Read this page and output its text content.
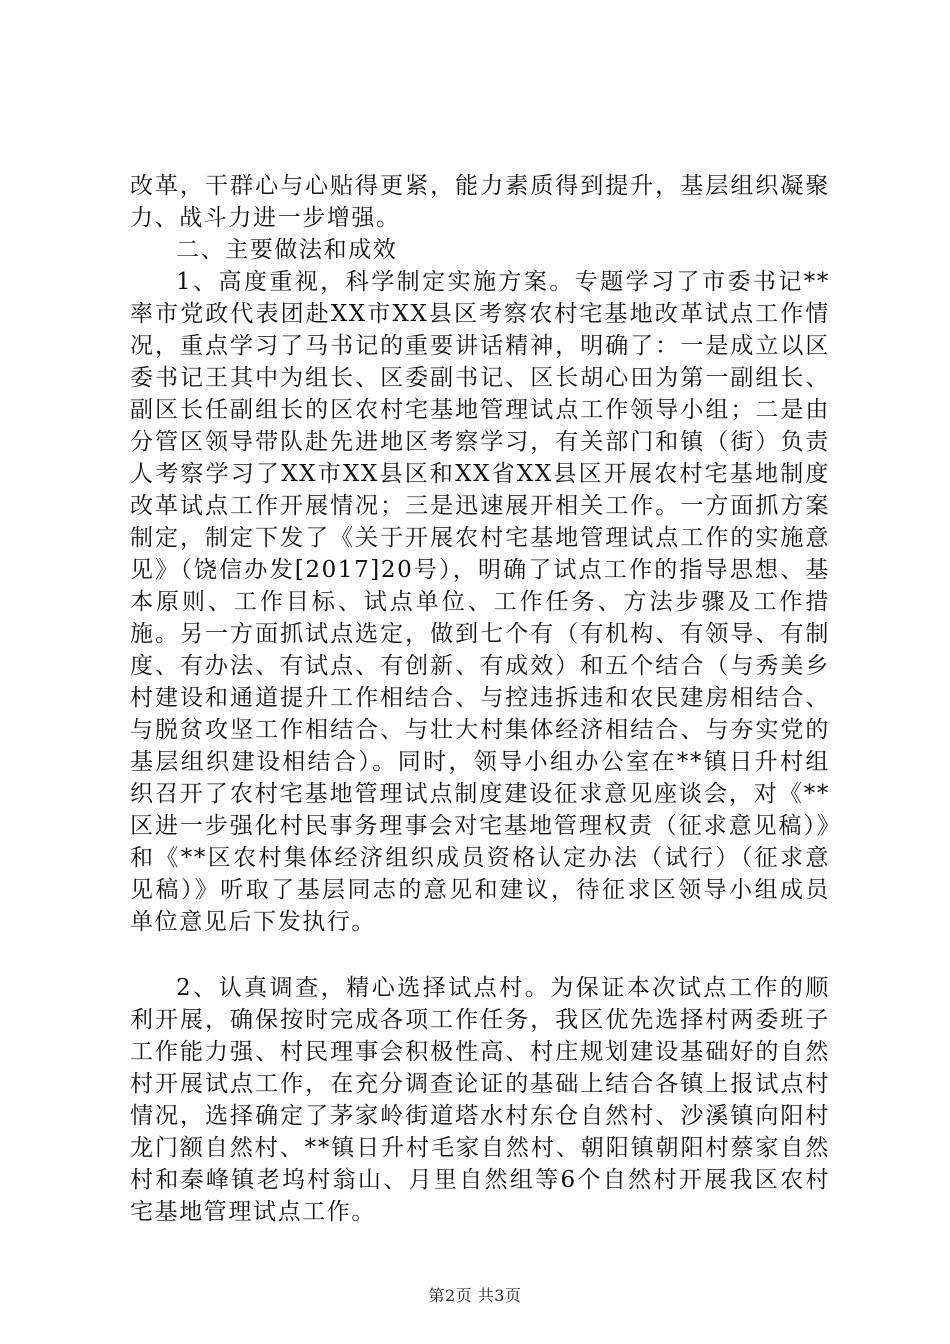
改革，干群心与心贴得更紧，能力素质得到提升，基层组织凝聚力、战斗力进一步增强。

二、主要做法和成效

1、高度重视，科学制定实施方案。专题学习了市委书记**率市党政代表团赴XX市XX县区考察农村宅基地改革试点工作情况，重点学习了马书记的重要讲话精神，明确了：一是成立以区委书记王其中为组长、区委副书记、区长胡心田为第一副组长、副区长任副组长的区农村宅基地管理试点工作领导小组；二是由分管区领导带队赴先进地区考察学习，有关部门和镇（街）负责人考察学习了XX市XX县区和XX省XX县区开展农村宅基地制度改革试点工作开展情况；三是迅速展开相关工作。一方面抓方案制定，制定下发了《关于开展农村宅基地管理试点工作的实施意见》（饶信办发[2017]20号），明确了试点工作的指导思想、基本原则、工作目标、试点单位、工作任务、方法步骤及工作措施。另一方面抓试点选定，做到七个有（有机构、有领导、有制度、有办法、有试点、有创新、有成效）和五个结合（与秀美乡村建设和通道提升工作相结合、与控违拆违和农民建房相结合、与脱贫攻坚工作相结合、与壮大村集体经济相结合、与夯实党的基层组织建设相结合）。同时，领导小组办公室在**镇日升村组织召开了农村宅基地管理试点制度建设征求意见座谈会，对《**区进一步强化村民事务理事会对宅基地管理权责（征求意见稿）》和《**区农村集体经济组织成员资格认定办法（试行）（征求意见稿）》听取了基层同志的意见和建议，待征求区领导小组成员单位意见后下发执行。

2、认真调查，精心选择试点村。为保证本次试点工作的顺利开展，确保按时完成各项工作任务，我区优先选择村两委班子工作能力强、村民理事会积极性高、村庄规划建设基础好的自然村开展试点工作，在充分调查论证的基础上结合各镇上报试点村情况，选择确定了茅家岭街道塔水村东仓自然村、沙溪镇向阳村龙门额自然村、**镇日升村毛家自然村、朝阳镇朝阳村蔡家自然村和秦峰镇老坞村翁山、月里自然组等6个自然村开展我区农村宅基地管理试点工作。

第2页 共3页
